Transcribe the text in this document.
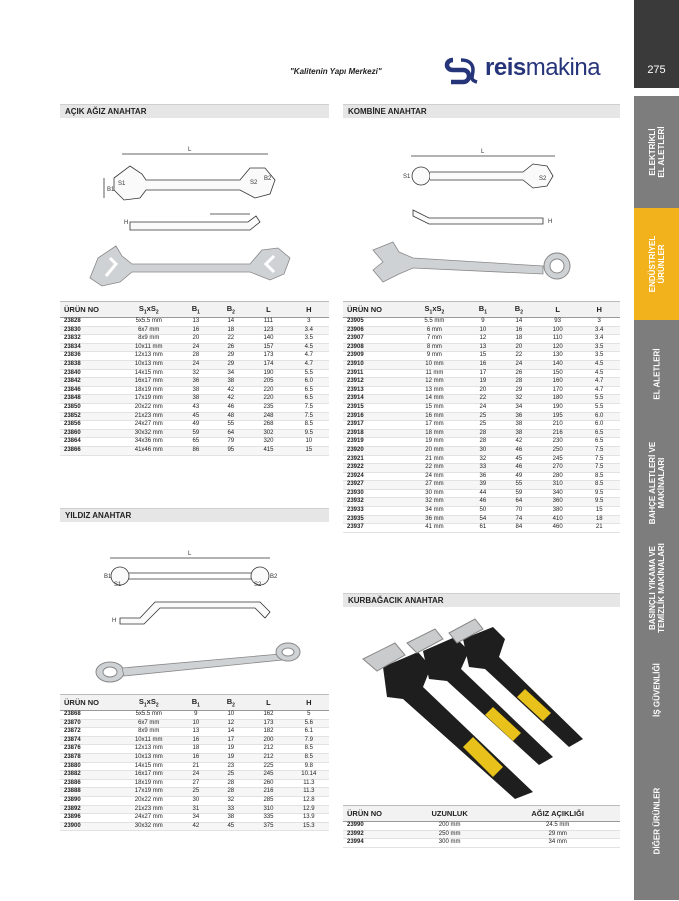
275
ELEKTRİKLİ
EL ALETLERİ
ENDÜSTRİYEL
ÜRÜNLER
EL ALETLERİ
BAHÇE ALETLERİ VE
MAKİNALARI
BASINÇLI YIKAMA VE
TEMİZLİK MAKİNALARI
İŞ GÜVENLİĞİ
DİĞER ÜRÜNLER
"Kalitenin Yapı Merkezi"	reismakina
AÇIK AĞIZ ANAHTAR
L
B1
S1	S2
B2
H
ÜRÜN NO	$S_1xS_2$	$B_1$	$B_2$	L	H
23828	5x5.5 mm	13	14	111	3
23830	6x7 mm	16	18	123	3.4
23832	8x9 mm	20	22	140	3.5
23834	10x11 mm	24	26	157	4.5
23836	12x13 mm	28	29	173	4.7
23838	10x13 mm	24	29	174	4.7
23840	14x15 mm	32	34	190	5.5
23842	16x17 mm	36	38	205	6.0
23846	18x19 mm	38	42	220	6.5
23848	17x19 mm	38	42	220	6.5
23850	20x22 mm	43	46	235	7.5
23852	21x23 mm	45	48	248	7.5
23856	24x27 mm	49	55	268	8.5
23860	30x32 mm	59	64	302	9.5
23864	34x36 mm	65	79	320	10
23866	41x46 mm	86	95	415	15
YILDIZ ANAHTAR
L
B1
S1	S2
B2
H
ÜRÜN NO	$S_1xS_2$	$B_1$	$B_2$	L	H
23868	5x5.5 mm	9	10	162	5
23870	6x7 mm	10	12	173	5.6
23872	8x9 mm	13	14	182	6.1
23874	10x11 mm	16	17	200	7.9
23876	12x13 mm	18	19	212	8.5
23878	10x13 mm	16	19	212	8.5
23880	14x15 mm	21	23	225	9.8
23882	16x17 mm	24	25	245	10.14
23886	18x19 mm	27	28	260	11.3
23888	17x19 mm	25	28	216	11.3
23890	20x22 mm	30	32	285	12.8
23892	21x23 mm	31	33	310	12.9
23896	24x27 mm	34	38	335	13.9
23900	30x32 mm	42	45	375	15.3
KOMBİNE ANAHTAR
L
S1	S2
H
ÜRÜN NO	$S_1xS_2$	$B_1$	$B_2$	L	H
23905	5.5 mm	9	14	93	3
23906	6 mm	10	16	100	3.4
23907	7 mm	12	18	110	3.4
23908	8 mm	13	20	120	3.5
23909	9 mm	15	22	130	3.5
23910	10 mm	16	24	140	4.5
23911	11 mm	17	26	150	4.5
23912	12 mm	19	28	160	4.7
23913	13 mm	20	29	170	4.7
23914	14 mm	22	32	180	5.5
23915	15 mm	24	34	190	5.5
23916	16 mm	25	36	195	6.0
23917	17 mm	25	38	210	6.0
23918	18 mm	28	38	216	6.5
23919	19 mm	28	42	230	6.5
23920	20 mm	30	46	250	7.5
23921	21 mm	32	45	245	7.5
23922	22 mm	33	46	270	7.5
23924	24 mm	36	49	280	8.5
23927	27 mm	39	55	310	8.5
23930	30 mm	44	59	340	9.5
23932	32 mm	46	64	360	9.5
23933	34 mm	50	70	380	15
23935	36 mm	54	74	410	18
23937	41 mm	61	84	460	21
KURBAĞACIK ANAHTAR
ÜRÜN NO	UZUNLUK	AĞIZ AÇIKLIĞI
23990	200 mm	24.5 mm
23992	250 mm	29 mm
23994	300 mm	34 mm
